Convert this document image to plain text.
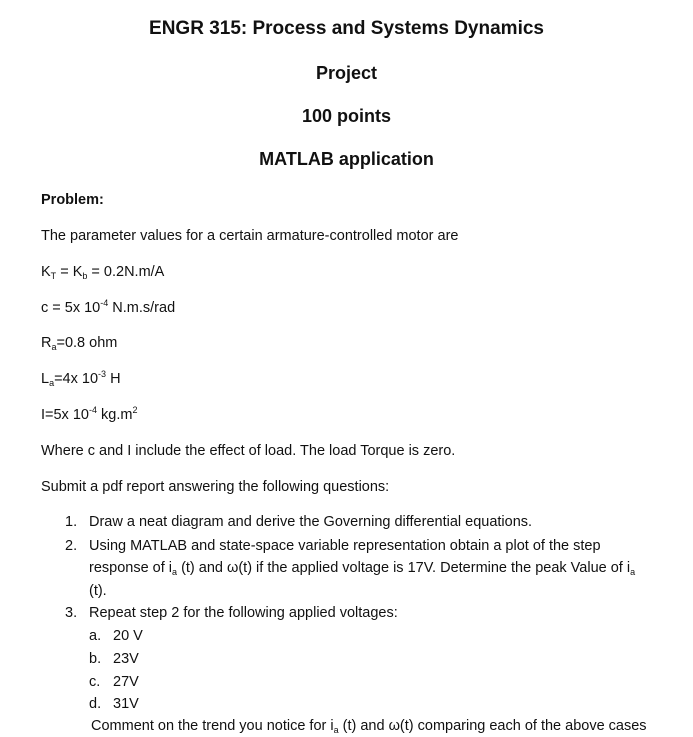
ENGR 315: Process and Systems Dynamics
Project
100 points
MATLAB application
Problem:
The parameter values for a certain armature-controlled motor are
$K_T = K_b = 0.2N.m/A$
c = 5x $10^{-4}$ N.m.s/rad
$R_a=0.8$ ohm
$L_a=4x$ $10^{-3}$ H
I=5x $10^{-4}$ $kg.m^2$
Where c and I include the effect of load. The load Torque is zero.
Submit a pdf report answering the following questions:
1. Draw a neat diagram and derive the Governing differential equations.
2. Using MATLAB and state-space variable representation obtain a plot of the step
response of $i_a$ (t) and ω(t) if the applied voltage is 17V. Determine the peak Value of $i_a$
(t).
3. Repeat step 2 for the following applied voltages:
a. 20 V
b. 23V
c. 27V
d. 31V
Comment on the trend you notice for $i_a$ (t) and ω(t) comparing each of the above cases
